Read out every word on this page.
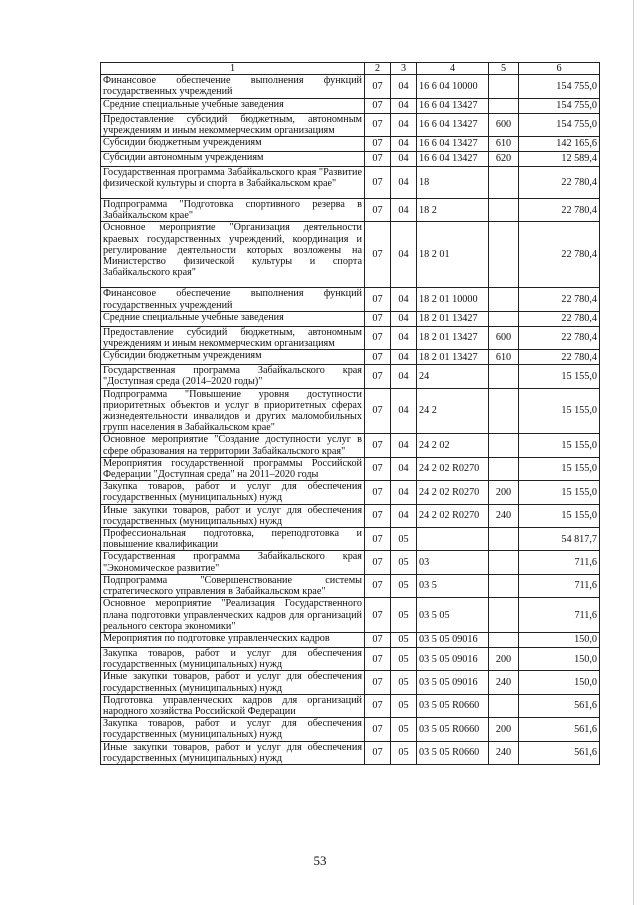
1	2	3	4	5	6
Финансовое обеспечение выполнения функций государственных учреждений	07	04	16 6 04 10000		154 755,0
Средние специальные учебные заведения	07	04	16 6 04 13427		154 755,0
Предоставление субсидий бюджетным, автономным учреждениям и иным некоммерческим организациям	07	04	16 6 04 13427	600	154 755,0
Субсидии бюджетным учреждениям	07	04	16 6 04 13427	610	142 165,6
Субсидии автономным учреждениям	07	04	16 6 04 13427	620	12 589,4
Государственная программа Забайкальского края "Развитие физической культуры и спорта в Забайкальском крае"	07	04	18		22 780,4
Подпрограмма "Подготовка спортивного резерва в Забайкальском крае"	07	04	18 2		22 780,4
Основное мероприятие "Организация деятельности краевых государственных учреждений, координация и регулирование деятельности которых возложены на Министерство физической культуры и спорта Забайкальского края"	07	04	18 2 01		22 780,4
Финансовое обеспечение выполнения функций государственных учреждений	07	04	18 2 01 10000		22 780,4
Средние специальные учебные заведения	07	04	18 2 01 13427		22 780,4
Предоставление субсидий бюджетным, автономным учреждениям и иным некоммерческим организациям	07	04	18 2 01 13427	600	22 780,4
Субсидии бюджетным учреждениям	07	04	18 2 01 13427	610	22 780,4
Государственная программа Забайкальского края "Доступная среда (2014–2020 годы)"	07	04	24		15 155,0
Подпрограмма "Повышение уровня доступности приоритетных объектов и услуг в приоритетных сферах жизнедеятельности инвалидов и других маломобильных групп населения в Забайкальском крае"	07	04	24 2		15 155,0
Основное мероприятие "Создание доступности услуг в сфере образования на территории Забайкальского края"	07	04	24 2 02		15 155,0
Мероприятия государственной программы Российской Федерации "Доступная среда" на 2011–2020 годы	07	04	24 2 02 R0270		15 155,0
Закупка товаров, работ и услуг для обеспечения государственных (муниципальных) нужд	07	04	24 2 02 R0270	200	15 155,0
Иные закупки товаров, работ и услуг для обеспечения государственных (муниципальных) нужд	07	04	24 2 02 R0270	240	15 155,0
Профессиональная подготовка, переподготовка и повышение квалификации	07	05			54 817,7
Государственная программа Забайкальского края "Экономическое развитие"	07	05	03		711,6
Подпрограмма "Совершенствование системы стратегического управления в Забайкальском крае"	07	05	03 5		711,6
Основное мероприятие "Реализация Государственного плана подготовки управленческих кадров для организаций реального сектора экономики"	07	05	03 5 05		711,6
Мероприятия по подготовке управленческих кадров	07	05	03 5 05 09016		150,0
Закупка товаров, работ и услуг для обеспечения государственных (муниципальных) нужд	07	05	03 5 05 09016	200	150,0
Иные закупки товаров, работ и услуг для обеспечения государственных (муниципальных) нужд	07	05	03 5 05 09016	240	150,0
Подготовка управленческих кадров для организаций народного хозяйства Российской Федерации	07	05	03 5 05 R0660		561,6
Закупка товаров, работ и услуг для обеспечения государственных (муниципальных) нужд	07	05	03 5 05 R0660	200	561,6
Иные закупки товаров, работ и услуг для обеспечения государственных (муниципальных) нужд	07	05	03 5 05 R0660	240	561,6
53
